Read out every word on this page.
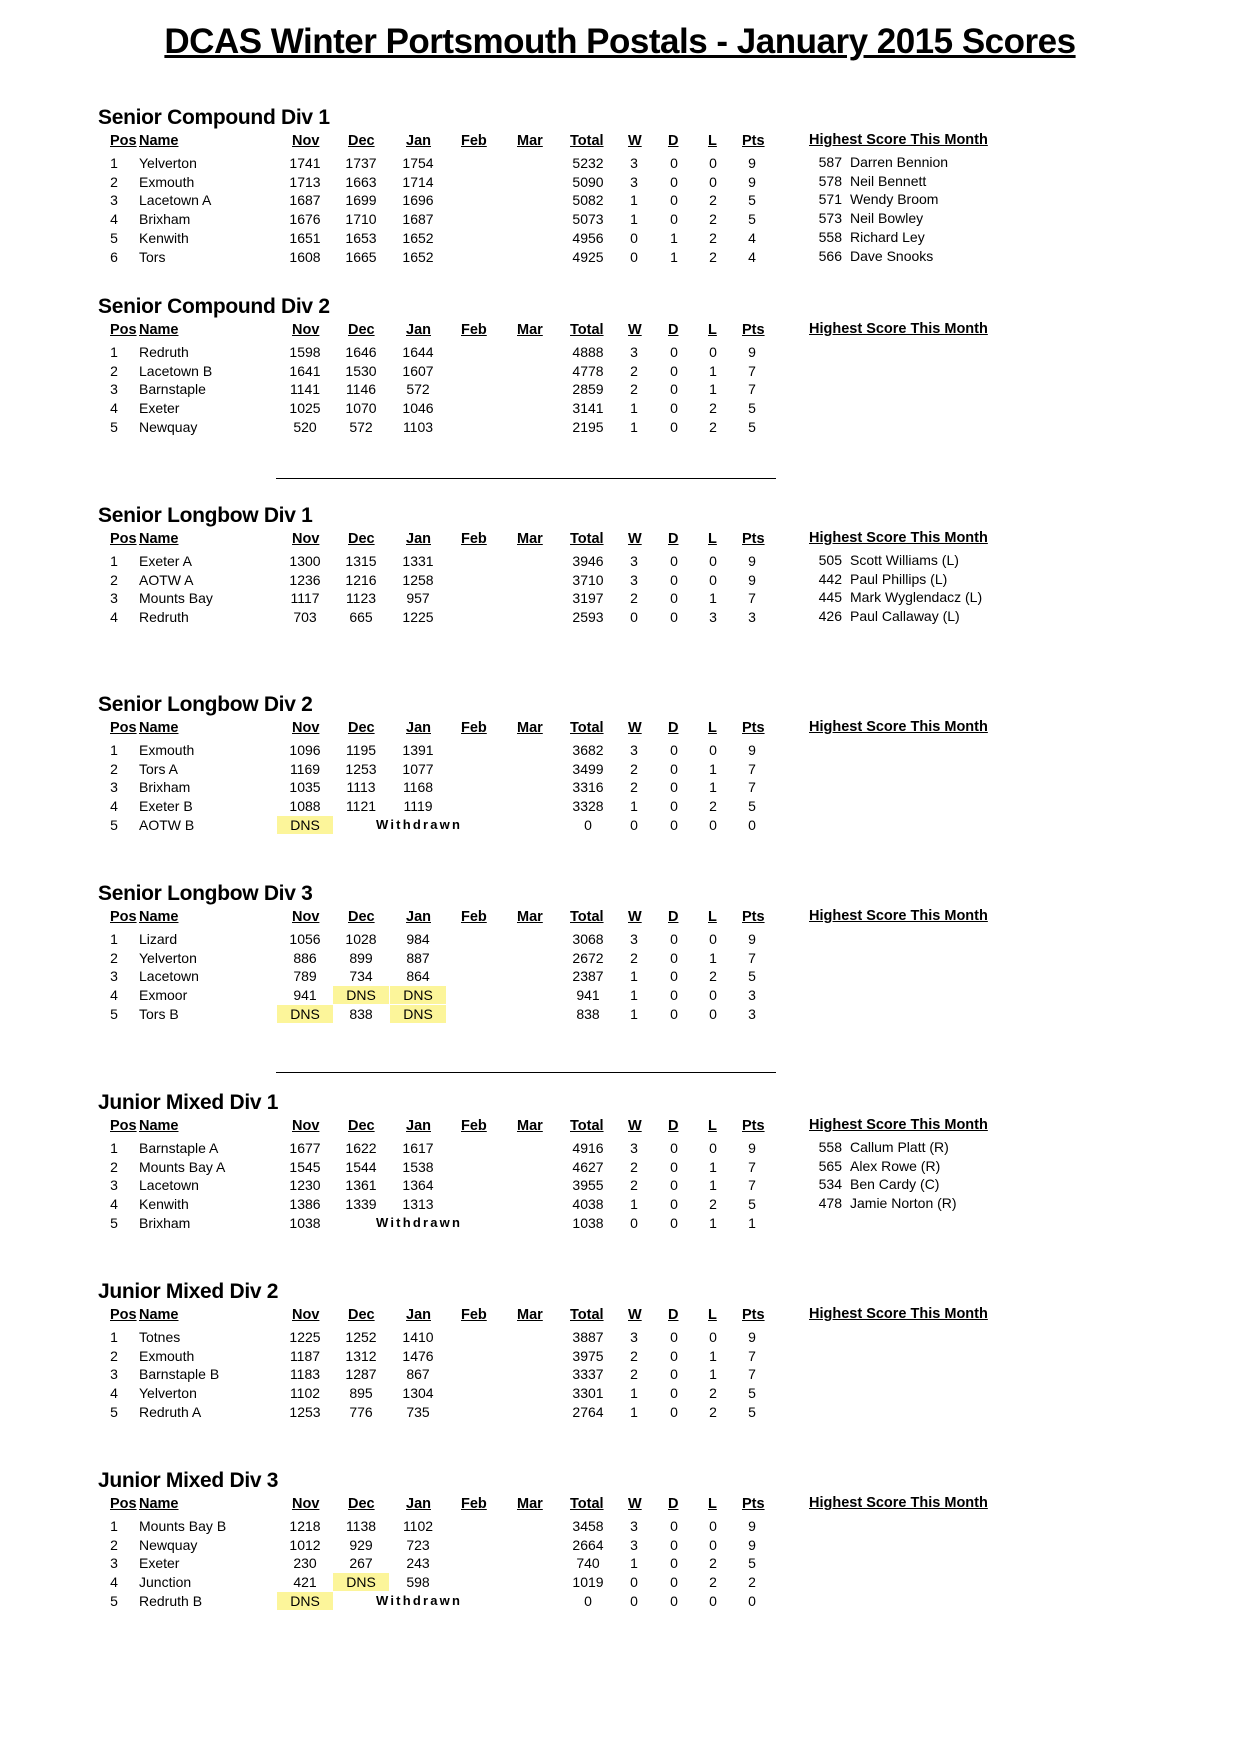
DCAS Winter Portsmouth Postals - January 2015 Scores
Senior Compound Div 1
Pos Name	Nov Dec Jan Feb Mar Total W D L Pts	Highest Score This Month
1	Yelverton	1741	1737	1754	5232	3	0	0	9
2	Exmouth	1713	1663	1714	5090	3	0	0	9
3	Lacetown A	1687	1699	1696	5082	1	0	2	5
4	Brixham	1676	1710	1687	5073	1	0	2	5
5	Kenwith	1651	1653	1652	4956	0	1	2	4
6	Tors	1608	1665	1652	4925	0	1	2	4
587 Darren Bennion
578 Neil Bennett
571 Wendy Broom
573 Neil Bowley
558 Richard Ley
566 Dave Snooks
Senior Compound Div 2
Pos Name	Nov Dec Jan Feb Mar Total W D L Pts	Highest Score This Month
1	Redruth	1598	1646	1644	4888	3	0	0	9
2	Lacetown B	1641	1530	1607	4778	2	0	1	7
3	Barnstaple	1141	1146	572	2859	2	0	1	7
4	Exeter	1025	1070	1046	3141	1	0	2	5
5	Newquay	520	572	1103	2195	1	0	2	5
Senior Longbow Div 1
Pos Name	Nov Dec Jan Feb Mar Total W D L Pts	Highest Score This Month
1	Exeter A	1300	1315	1331	3946	3	0	0	9
2	AOTW A	1236	1216	1258	3710	3	0	0	9
3	Mounts Bay	1117	1123	957	3197	2	0	1	7
4	Redruth	703	665	1225	2593	0	0	3	3
505 Scott Williams (L)
442 Paul Phillips (L)
445 Mark Wyglendacz (L)
426 Paul Callaway (L)
Senior Longbow Div 2
Pos Name	Nov Dec Jan Feb Mar Total W D L Pts	Highest Score This Month
1	Exmouth	1096	1195	1391	3682	3	0	0	9
2	Tors A	1169	1253	1077	3499	2	0	1	7
3	Brixham	1035	1113	1168	3316	2	0	1	7
4	Exeter B	1088	1121	1119	3328	1	0	2	5
5	AOTW B	DNS	Withdrawn	0	0	0	0	0
Senior Longbow Div 3
Pos Name	Nov Dec Jan Feb Mar Total W D L Pts	Highest Score This Month
1	Lizard	1056	1028	984	3068	3	0	0	9
2	Yelverton	886	899	887	2672	2	0	1	7
3	Lacetown	789	734	864	2387	1	0	2	5
4	Exmoor	941	DNS	DNS	941	1	0	0	3
5	Tors B	DNS	838	DNS	838	1	0	0	3
Junior Mixed Div 1
Pos Name	Nov Dec Jan Feb Mar Total W D L Pts	Highest Score This Month
1	Barnstaple A	1677	1622	1617	4916	3	0	0	9
2	Mounts Bay A	1545	1544	1538	4627	2	0	1	7
3	Lacetown	1230	1361	1364	3955	2	0	1	7
4	Kenwith	1386	1339	1313	4038	1	0	2	5
5	Brixham	1038	Withdrawn	1038	0	0	1	1
558 Callum Platt (R)
565 Alex Rowe (R)
534 Ben Cardy (C)
478 Jamie Norton (R)
Junior Mixed Div 2
Pos Name	Nov Dec Jan Feb Mar Total W D L Pts	Highest Score This Month
1	Totnes	1225	1252	1410	3887	3	0	0	9
2	Exmouth	1187	1312	1476	3975	2	0	1	7
3	Barnstaple B	1183	1287	867	3337	2	0	1	7
4	Yelverton	1102	895	1304	3301	1	0	2	5
5	Redruth A	1253	776	735	2764	1	0	2	5
Junior Mixed Div 3
Pos Name	Nov Dec Jan Feb Mar Total W D L Pts	Highest Score This Month
1	Mounts Bay B	1218	1138	1102	3458	3	0	0	9
2	Newquay	1012	929	723	2664	3	0	0	9
3	Exeter	230	267	243	740	1	0	2	5
4	Junction	421	DNS	598	1019	0	0	2	2
5	Redruth B	DNS	Withdrawn	0	0	0	0	0
